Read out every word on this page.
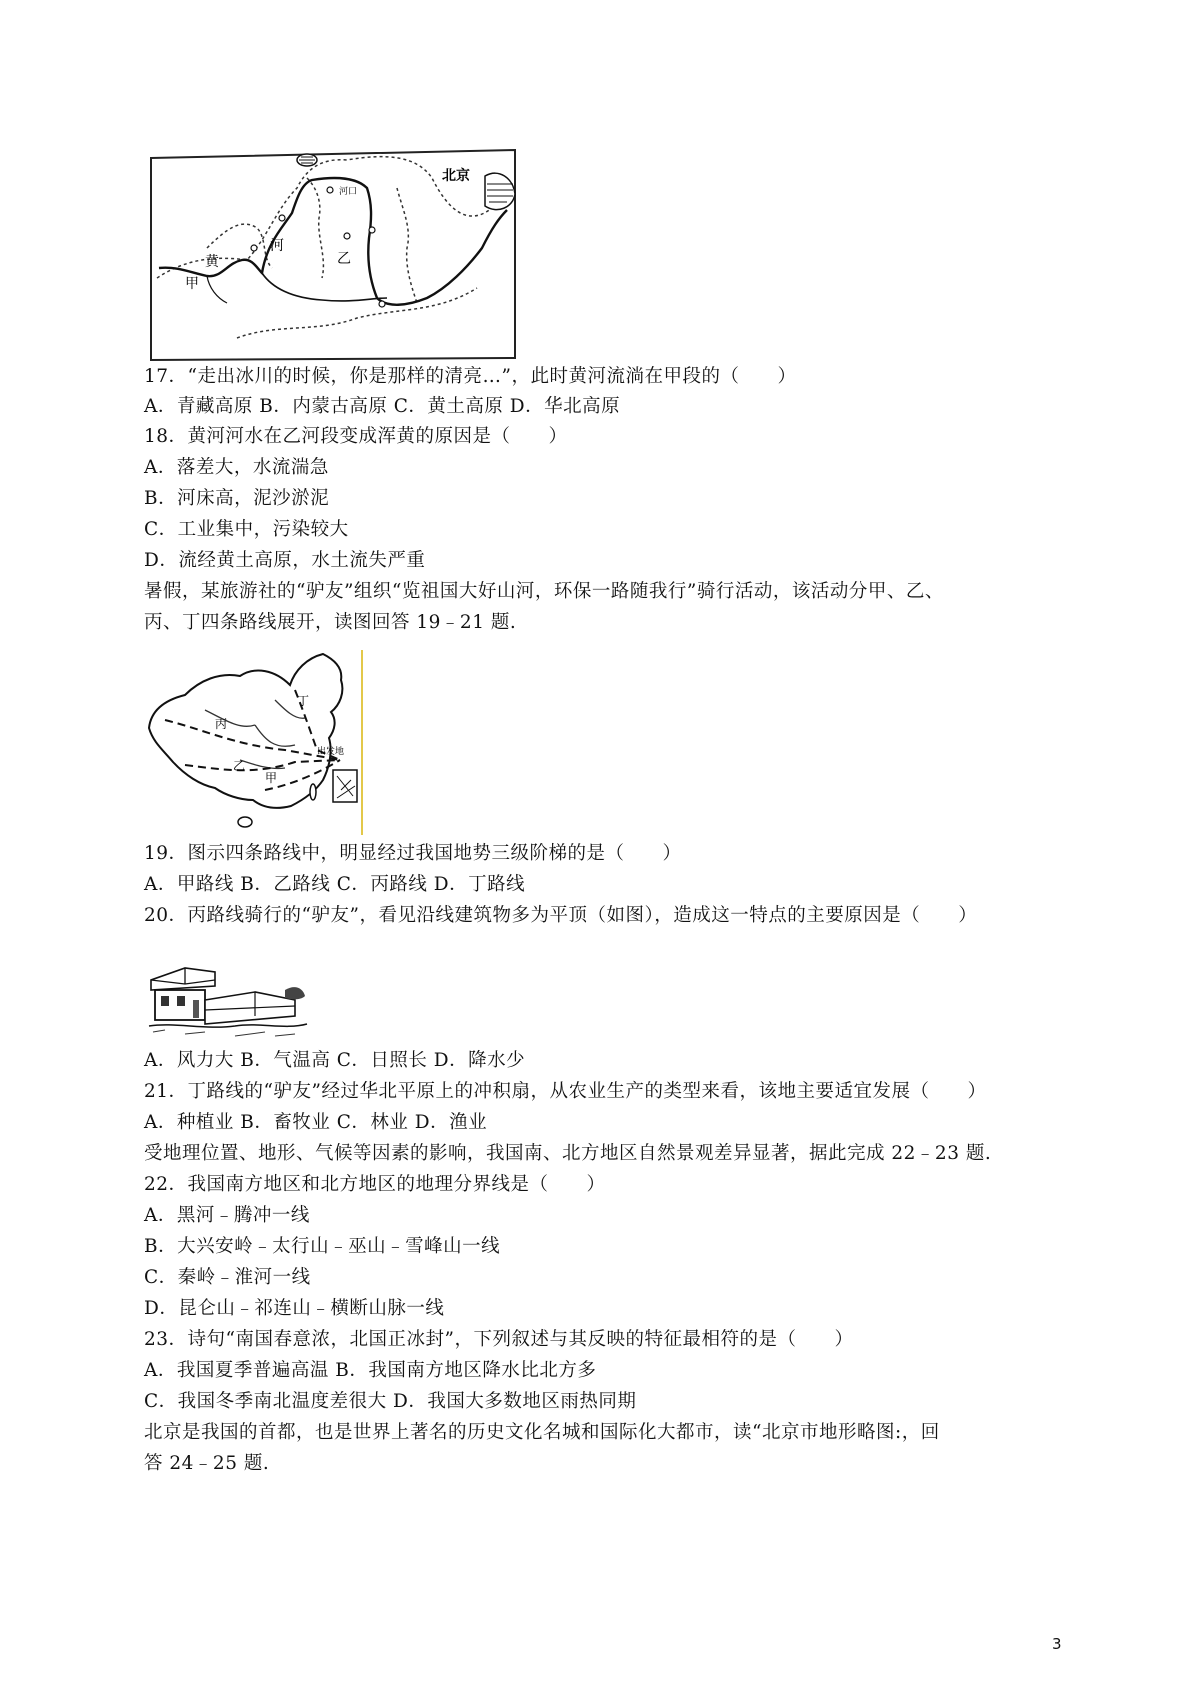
北京
河口
河
黄
甲
乙
17．“走出冰川的时候，你是那样的清亮…”，此时黄河流淌在甲段的（　　）
A．青藏高原 B．内蒙古高原 C．黄土高原 D．华北高原
18．黄河河水在乙河段变成浑黄的原因是（　　）
A．落差大，水流湍急
B．河床高，泥沙淤泥
C．工业集中，污染较大
D．流经黄土高原，水土流失严重
暑假，某旅游社的“驴友”组织“览祖国大好山河，环保一路随我行”骑行活动，该活动分甲、乙、
丙、丁四条路线展开，读图回答 19﹣21 题.
丙
乙
甲
丁
出发地
19．图示四条路线中，明显经过我国地势三级阶梯的是（　　）
A．甲路线 B．乙路线 C．丙路线 D．丁路线
20．丙路线骑行的“驴友”，看见沿线建筑物多为平顶（如图），造成这一特点的主要原因是（　　）
A．风力大 B．气温高 C．日照长 D．降水少
21．丁路线的“驴友”经过华北平原上的冲积扇，从农业生产的类型来看，该地主要适宜发展（　　）
A．种植业 B．畜牧业 C．林业 D．渔业
受地理位置、地形、气候等因素的影响，我国南、北方地区自然景观差异显著，据此完成 22﹣23 题.
22．我国南方地区和北方地区的地理分界线是（　　）
A．黑河﹣腾冲一线
B．大兴安岭﹣太行山﹣巫山﹣雪峰山一线
C．秦岭﹣淮河一线
D．昆仑山﹣祁连山﹣横断山脉一线
23．诗句“南国春意浓，北国正冰封”，下列叙述与其反映的特征最相符的是（　　）
A．我国夏季普遍高温 B．我国南方地区降水比北方多
C．我国冬季南北温度差很大 D．我国大多数地区雨热同期
北京是我国的首都，也是世界上著名的历史文化名城和国际化大都市，读“北京市地形略图:，回
答 24﹣25 题.
3
